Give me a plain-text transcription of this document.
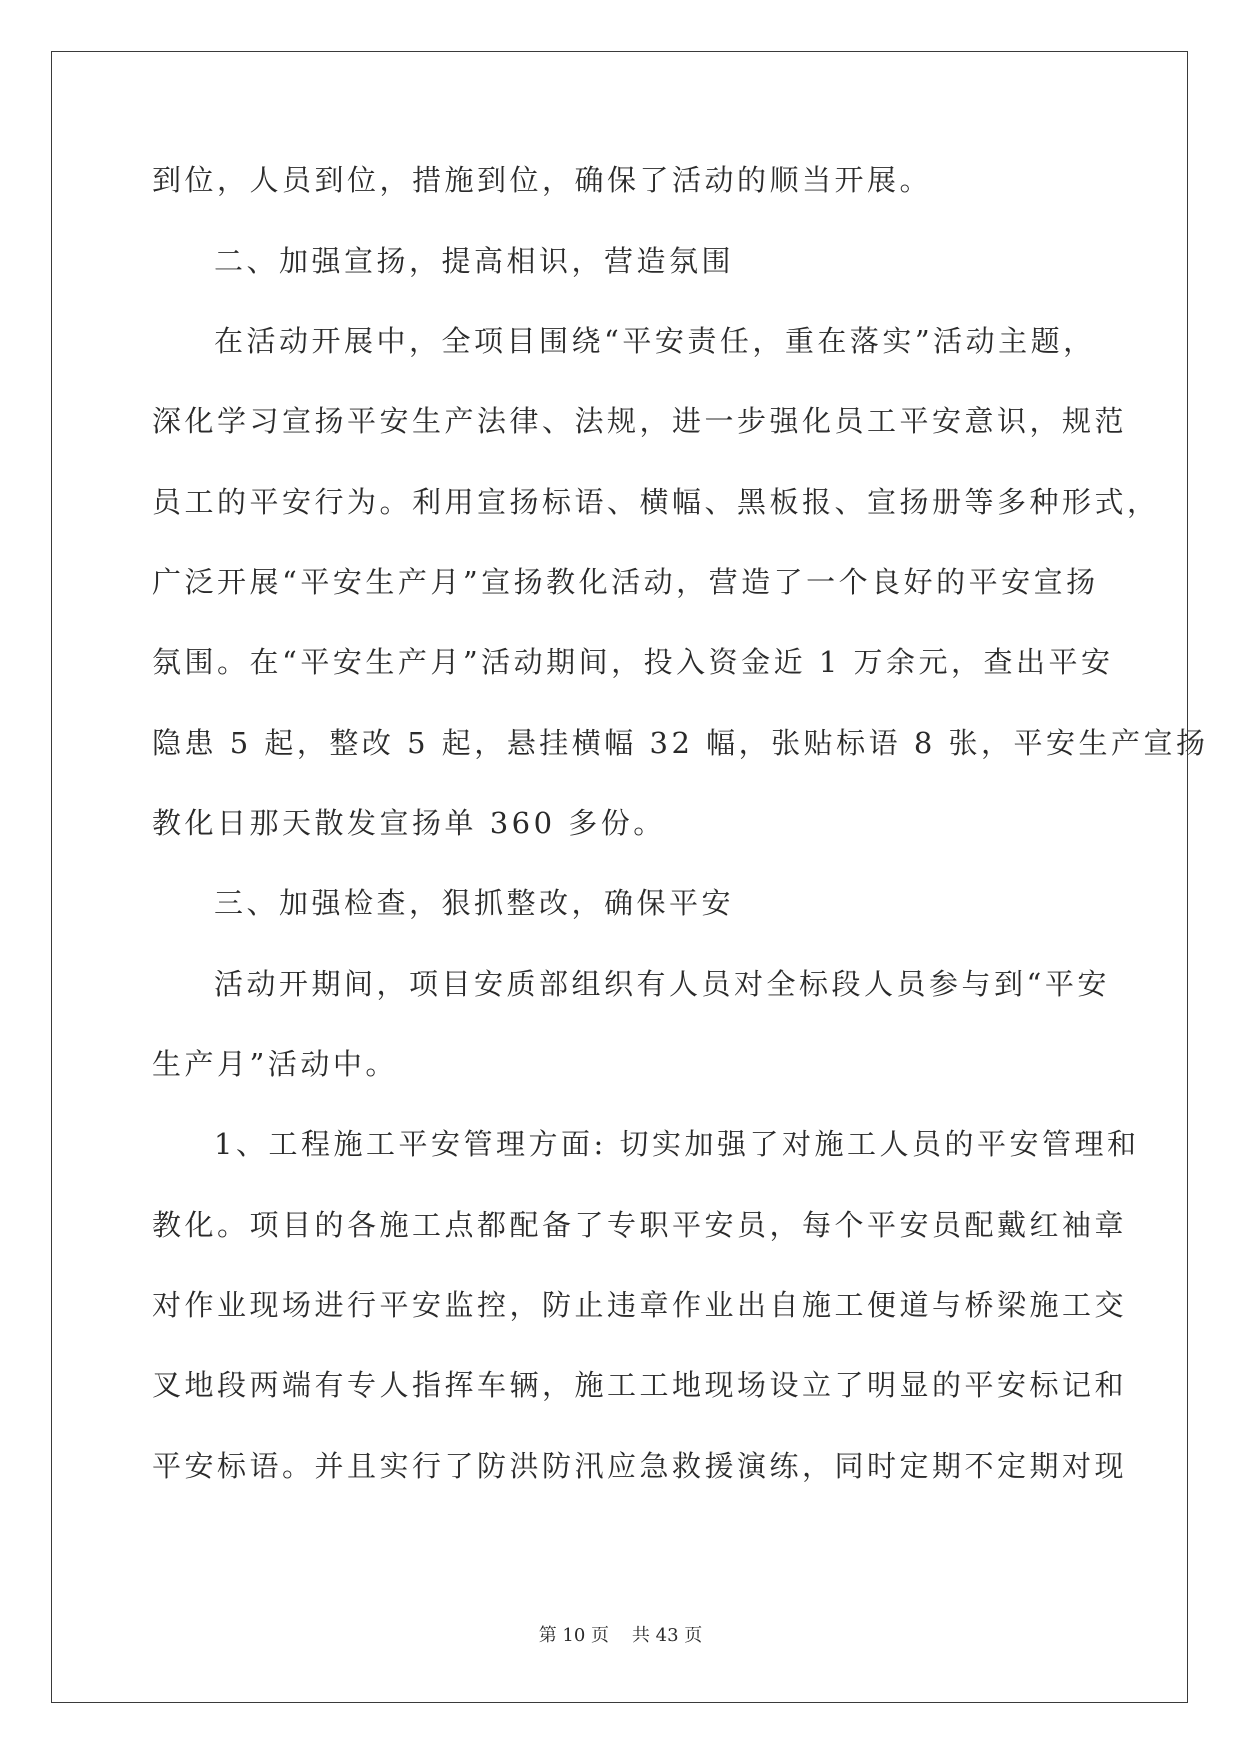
到位，人员到位，措施到位，确保了活动的顺当开展。
二、加强宣扬，提高相识，营造氛围
在活动开展中，全项目围绕“平安责任，重在落实”活动主题，
深化学习宣扬平安生产法律、法规，进一步强化员工平安意识，规范
员工的平安行为。利用宣扬标语、横幅、黑板报、宣扬册等多种形式，
广泛开展“平安生产月”宣扬教化活动，营造了一个良好的平安宣扬
氛围。在“平安生产月”活动期间，投入资金近 1 万余元，查出平安
隐患 5 起，整改 5 起，悬挂横幅 32 幅，张贴标语 8 张，平安生产宣扬
教化日那天散发宣扬单 360 多份。
三、加强检查，狠抓整改，确保平安
活动开期间，项目安质部组织有人员对全标段人员参与到“平安
生产月”活动中。
1、工程施工平安管理方面: 切实加强了对施工人员的平安管理和
教化。项目的各施工点都配备了专职平安员，每个平安员配戴红袖章
对作业现场进行平安监控，防止违章作业出自施工便道与桥梁施工交
叉地段两端有专人指挥车辆，施工工地现场设立了明显的平安标记和
平安标语。并且实行了防洪防汛应急救援演练，同时定期不定期对现
第 10 页    共 43 页
